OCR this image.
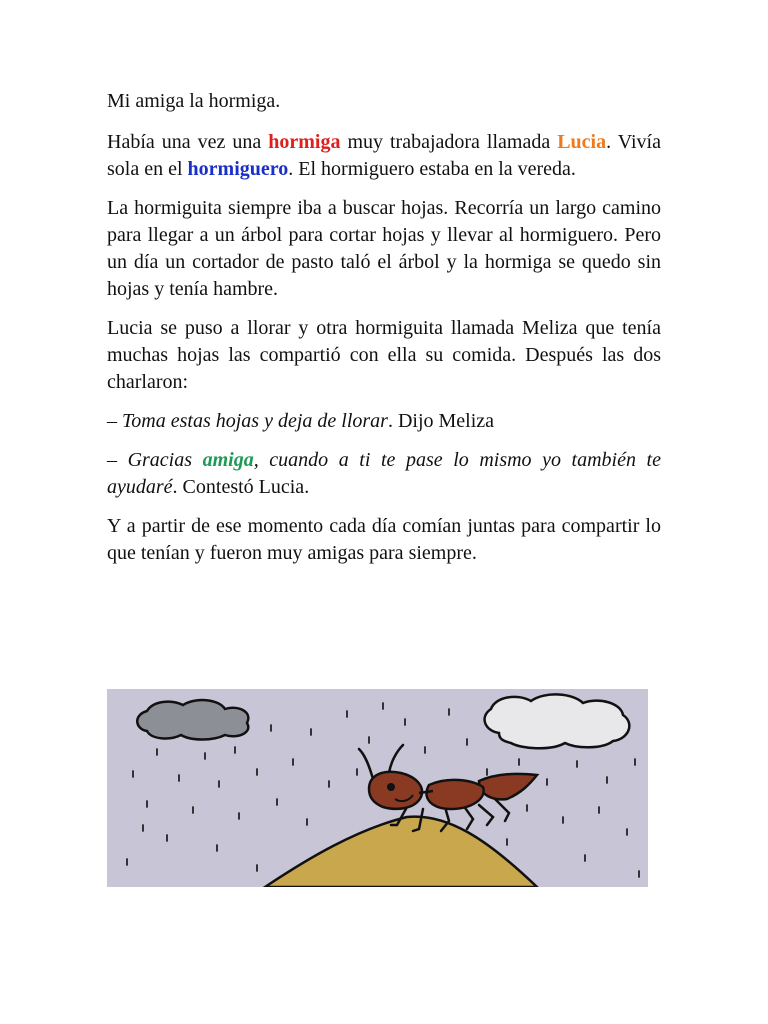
Mi amiga la hormiga.

Había una vez una hormiga muy trabajadora llamada Lucia. Vivía sola en el hormiguero. El hormiguero estaba en la vereda.

La hormiguita siempre iba a buscar hojas. Recorría un largo camino para llegar a un árbol para cortar hojas y llevar al hormiguero. Pero un día un cortador de pasto taló el árbol y la hormiga se quedo sin hojas y tenía hambre.

Lucia se puso a llorar y otra hormiguita llamada Meliza que tenía muchas hojas las compartió con ella su comida. Después las dos charlaron:

– Toma estas hojas y deja de llorar. Dijo Meliza

– Gracias amiga, cuando a ti te pase lo mismo yo también te ayudaré. Contestó Lucia.

Y a partir de ese momento cada día comían juntas para compartir lo que tenían y fueron muy amigas para siempre.
